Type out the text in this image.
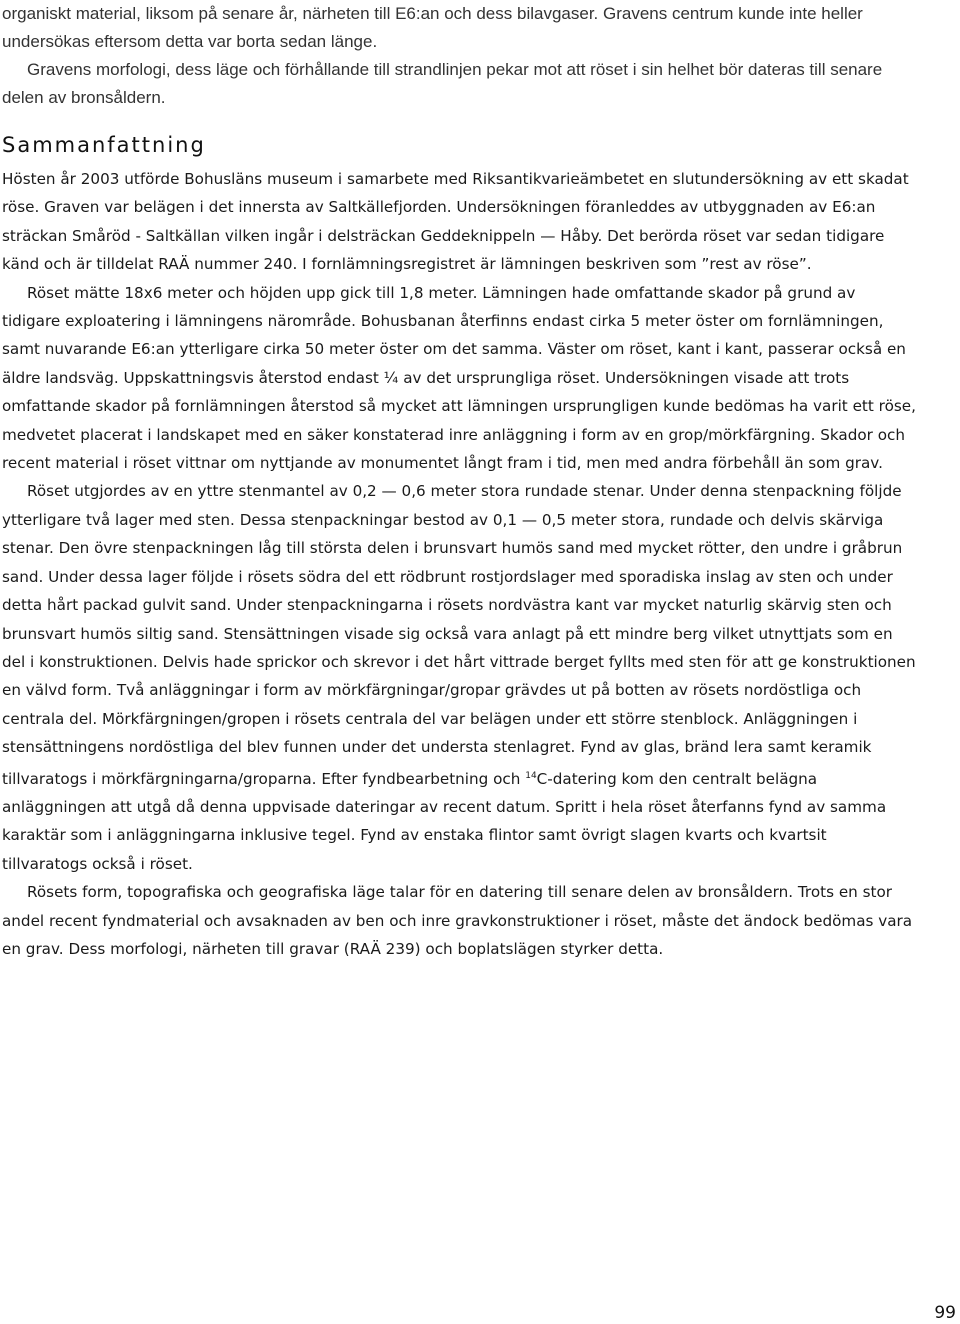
organiskt material, liksom på senare år, närheten till E6:an och dess bilavgaser. Gravens centrum kunde inte heller undersökas eftersom detta var borta sedan länge.

Gravens morfologi, dess läge och förhållande till strandlinjen pekar mot att röset i sin helhet bör dateras till senare delen av bronsåldern.

Sammanfattning

Hösten år 2003 utförde Bohusläns museum i samarbete med Riksantikvarieämbetet en slutundersökning av ett skadat röse. Graven var belägen i det innersta av Saltkällefjorden. Undersökningen föranleddes av utbyggnaden av E6:an sträckan Småröd - Saltkällan vilken ingår i delsträckan Geddeknippeln — Håby. Det berörda röset var sedan tidigare känd och är tilldelat RAÄ nummer 240. I fornlämningsregistret är lämningen beskriven som ”rest av röse”.

Röset mätte 18x6 meter och höjden upp gick till 1,8 meter. Lämningen hade omfattande skador på grund av tidigare exploatering i lämningens närområde. Bohusbanan återfinns endast cirka 5 meter öster om fornlämningen, samt nuvarande E6:an ytterligare cirka 50 meter öster om det samma. Väster om röset, kant i kant, passerar också en äldre landsväg. Uppskattningsvis återstod endast ¼ av det ursprungliga röset. Undersökningen visade att trots omfattande skador på fornlämningen återstod så mycket att lämningen ursprungligen kunde bedömas ha varit ett röse, medvetet placerat i landskapet med en säker konstaterad inre anläggning i form av en grop/mörkfärgning. Skador och recent material i röset vittnar om nyttjande av monumentet långt fram i tid, men med andra förbehåll än som grav.

Röset utgjordes av en yttre stenmantel av 0,2 — 0,6 meter stora rundade stenar. Under denna stenpackning följde ytterligare två lager med sten. Dessa stenpackningar bestod av 0,1 — 0,5 meter stora, rundade och delvis skärviga stenar. Den övre stenpackningen låg till största delen i brunsvart humös sand med mycket rötter, den undre i gråbrun sand. Under dessa lager följde i rösets södra del ett rödbrunt rostjordslager med sporadiska inslag av sten och under detta hårt packad gulvit sand. Under stenpackningarna i rösets nordvästra kant var mycket naturlig skärvig sten och brunsvart humös siltig sand. Stensättningen visade sig också vara anlagt på ett mindre berg vilket utnyttjats som en del i konstruktionen. Delvis hade sprickor och skrevor i det hårt vittrade berget fyllts med sten för att ge konstruktionen en välvd form. Två anläggningar i form av mörkfärgningar/gropar grävdes ut på botten av rösets nordöstliga och centrala del. Mörkfärgningen/gropen i rösets centrala del var belägen under ett större stenblock. Anläggningen i stensättningens nordöstliga del blev funnen under det understa stenlagret. Fynd av glas, bränd lera samt keramik tillvaratogs i mörkfärgningarna/groparna. Efter fyndbearbetning och $^{14}$C-datering kom den centralt belägna anläggningen att utgå då denna uppvisade dateringar av recent datum. Spritt i hela röset återfanns fynd av samma karaktär som i anläggningarna inklusive tegel. Fynd av enstaka flintor samt övrigt slagen kvarts och kvartsit tillvaratogs också i röset.

Rösets form, topografiska och geografiska läge talar för en datering till senare delen av bronsåldern. Trots en stor andel recent fyndmaterial och avsaknaden av ben och inre gravkonstruktioner i röset, måste det ändock bedömas vara en grav. Dess morfologi, närheten till gravar (RAÄ 239) och boplatslägen styrker detta.

99
